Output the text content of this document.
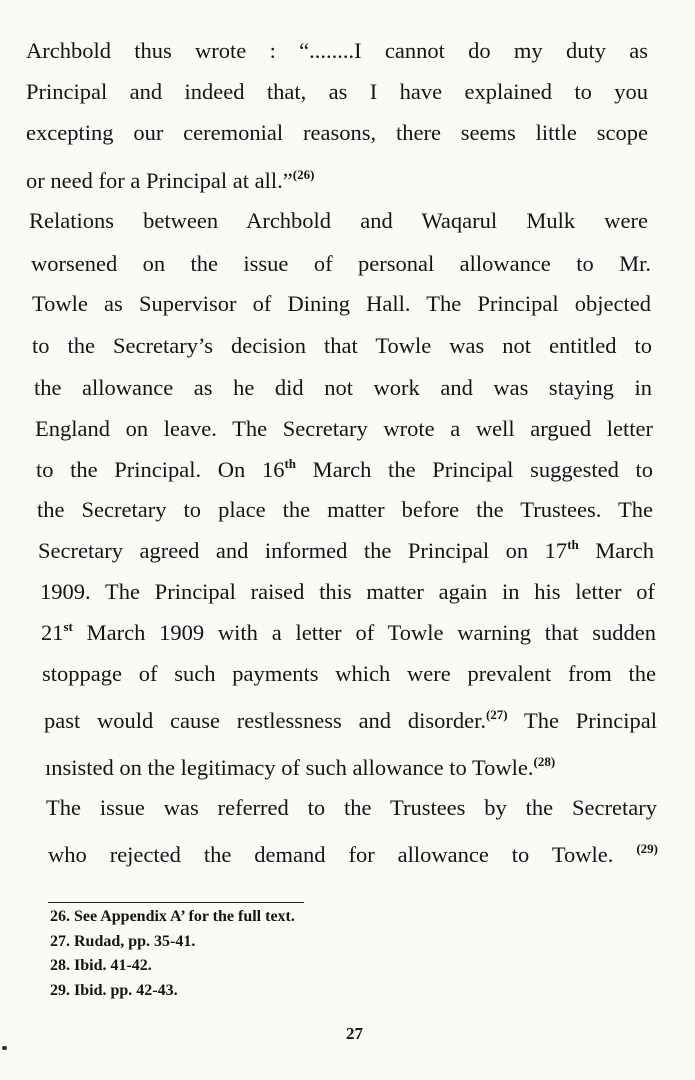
Archbold thus wrote : “........I cannot do my duty as
Principal and indeed that, as I have explained to you
excepting our ceremonial reasons, there seems little scope
or need for a Principal at all.”$^{(26)}$
Relations between Archbold and Waqarul Mulk were
worsened on the issue of personal allowance to Mr.
Towle as Supervisor of Dining Hall. The Principal objected
to the Secretary’s decision that Towle was not entitled to
the allowance as he did not work and was staying in
England on leave. The Secretary wrote a well argued letter
to the Principal. On 16th March the Principal suggested to
the Secretary to place the matter before the Trustees. The
Secretary agreed and informed the Principal on 17th March
1909. The Principal raised this matter again in his letter of
21st March 1909 with a letter of Towle warning that sudden
stoppage of such payments which were prevalent from the
past would cause restlessness and disorder.$^{(27)}$ The Principal
ınsisted on the legitimacy of such allowance to Towle.$^{(28)}$
The issue was referred to the Trustees by the Secretary
who rejected the demand for allowance to Towle. $^{(29)}$
26. See Appendix A’ for the full text.
27. Rudad, pp. 35-41.
28. Ibid. 41-42.
29. Ibid. pp. 42-43.
27
